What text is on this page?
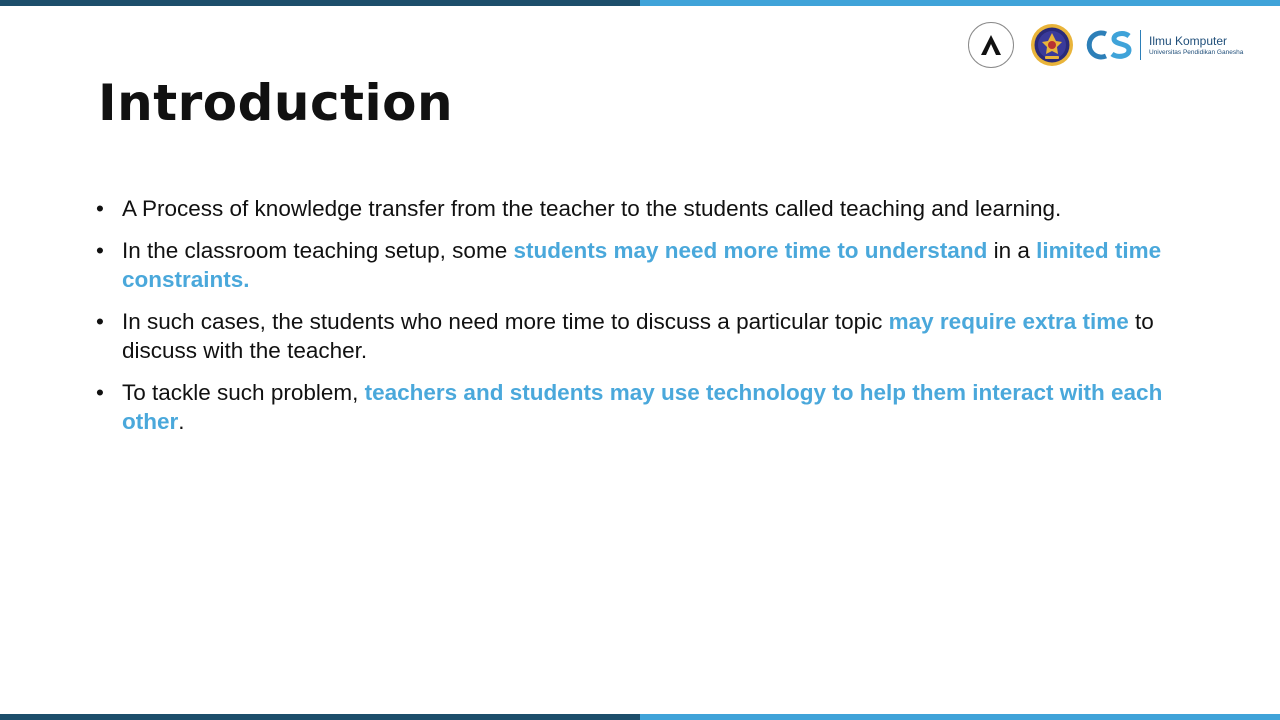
Ilmu Komputer
Universitas Pendidikan Ganesha
Introduction
• A Process of knowledge transfer from the teacher to the students called teaching and learning.
• In the classroom teaching setup, some students may need more time to understand in a limited time constraints.
• In such cases, the students who need more time to discuss a particular topic may require extra time to discuss with the teacher.
• To tackle such problem, teachers and students may use technology to help them interact with each other.
